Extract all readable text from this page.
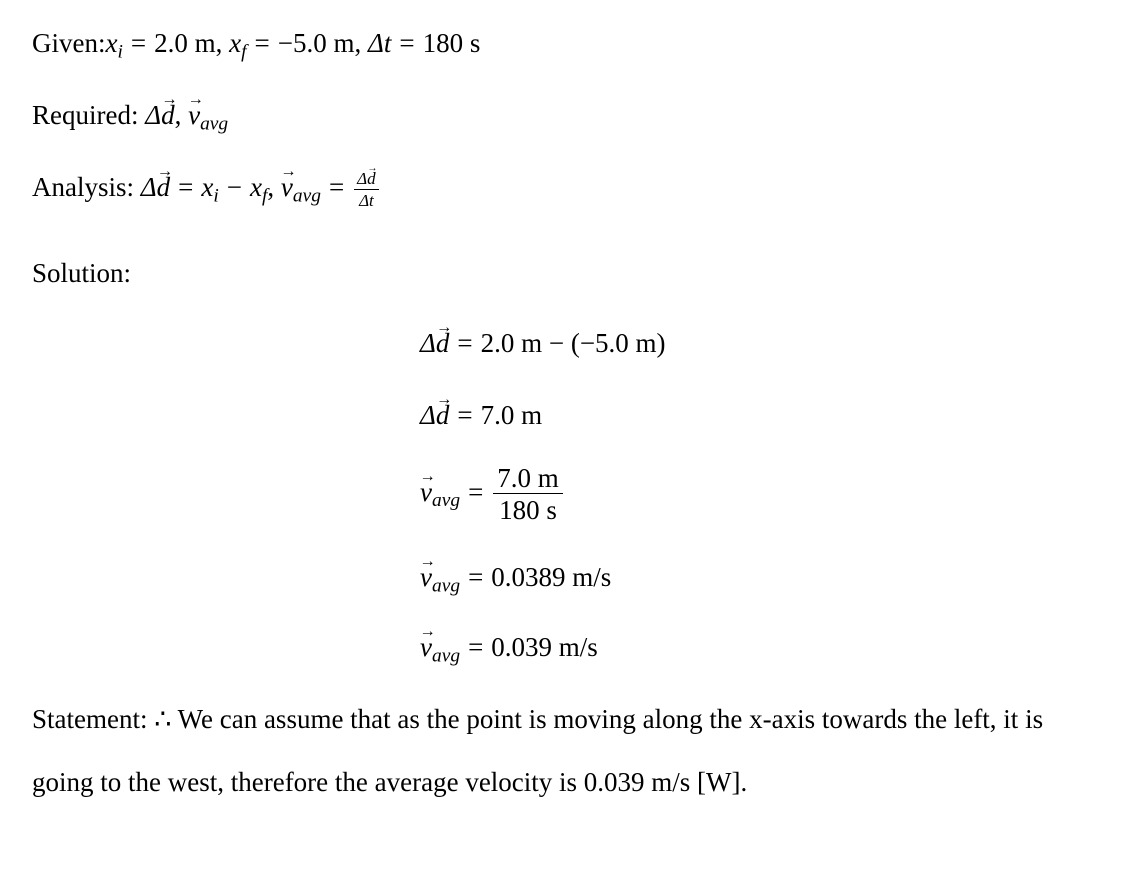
$Given:x_i = 2.0$ m, $x_f = -5.0$ m, Δt = 180 s
Required: Δ→ d, → $v_{avg}$
Analysis: $\Delta\to d = x_i - x_f$, → $v_{avg} = \frac{\Delta\to d}{\Delta t}$
Solution:
Δ→ d = 2.0 m − (−5.0 m)
Δ→ d = 7.0 m
→ $v_{avg} = \frac{7.0 m}{180 s}$
→ $v_{avg} = 0.0389$ m/s
→ $v_{avg} = 0.039$ m/s
Statement: ∴ We can assume that as the point is moving along the x-axis towards the left, it is
going to the west, therefore the average velocity is 0.039 m/s [W].
